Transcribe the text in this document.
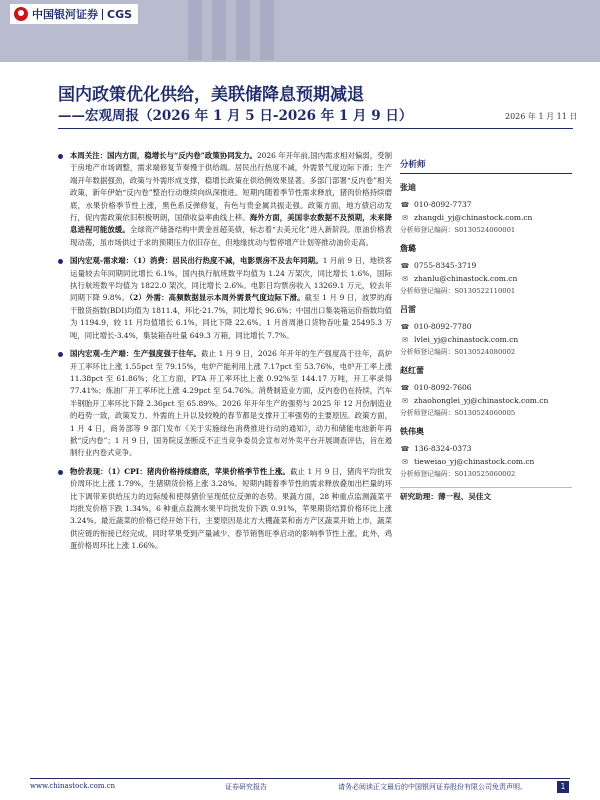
中国银河证券 CGS
国内政策优化供给，美联储降息预期减退
——宏观周报（2026 年 1 月 5 日-2026 年 1 月 9 日）	2026 年 1 月 11 日
本周关注：国内方面，稳增长与“反内卷”政策协同发力。2026 年开年前,国内需求相对偏弱，受制于房地产市场调整，需求端修复节奏慢于供给端。居民出行热度不减，外需景气度边际下滑；生产端开年数据强劲，政策与外需形成支撑，稳增长政策在供给侧效果显著。多部门部署“反内卷”相关政策，新年伊始“反内卷”整治行动继续向纵深推进。短期内随着季节性需求释放，猪肉价格持续磨底，水果价格季节性上涨，黑色系反弹修复，有色与贵金属共振走强。政策方面，地方债启动发行，促内需政策依旧积极明朗，国债收益率曲线上移。海外方面，美国非农数据不及预期，未来降息进程可能放缓。全球资产储备结构中黄金首超美债，标志着“去美元化”进入新阶段。原油价格表现动荡，虽市场供过于求的预期压力依旧存在，但地缘扰动与暂停增产计划等推动油价走高。
国内宏观-需求端：（1）消费：居民出行热度不减，电影票房不及去年同期。1 月前 9 日，地铁客运量较去年同期同比增长 6.1%，国内执行航班数平均值为 1.24 万架次，同比增长 1.6%，国际执行航班数平均值为 1822.0 架次，同比增长 2.6%。电影日均票房收入 13269.1 万元，较去年同期下降 9.8%。（2）外需：高频数据显示本周外需景气度边际下滑。截至 1 月 9 日，波罗的海干散货指数(BDI)均值为 1811.4，环比-21.7%，同比增长 96.6%；中国出口集装箱运价指数均值为 1194.9，较 11 月均值增长 6.1%，同比下降 22.6%。1 月首周港口货物吞吐量 25495.3 万吨，同比增长-3.4%，集装箱吞吐量 649.3 万箱，同比增长 7.7%。
国内宏观-生产端：生产强度强于往年。截止 1 月 9 日，2026 年开年的生产强度高于往年，高炉开工率环比上涨 1.55pct 至 79.15%，电炉产能利用上涨 7.17pct 至 53.76%，电炉开工率上涨 11.38pct 至 61.86%；化工方面，PTA 开工率环比上涨 0.92%至 144.17 万吨，开工率录得 77.41%；炼油厂开工率环比上涨 4.29pct 至 54.76%。消费制造业方面，反内卷仍在持续，汽车半钢胎开工率环比下降 2.36pct 至 65.89%。2026 年开年生产的强势与 2025 年 12 月份制造业的趋势一致，政策发力、外需的上升以及较晚的春节都是支撑开工率强势的主要原因。政策方面，1 月 4 日，商务部等 9 部门发布《关于实施绿色消费推进行动的通知》，动力和储能电池新年再掀“反内卷”；1 月 9 日，国务院反垄断反不正当竞争委员会宣布对外卖平台开展调查评估，旨在遏制行业内卷式竞争。
物价表现：（1）CPI：猪肉价格持续磨底，苹果价格季节性上涨。截止 1 月 9 日，猪肉平均批发价周环比上涨 1.79%，生猪期货价格上涨 3.28%。短期内随着季节性的需求释放叠加出栏量的环比下调带来供给压力的边际缓和使得猪价呈现低位反弹的态势。果蔬方面，28 种重点监测蔬菜平均批发价格下跌 1.34%，6 种重点监测水果平均批发价下跌 0.91%，苹果期货结算价格环比上涨 3.24%。最近蔬菜的价格已经开始下行，主要原因是北方大棚蔬菜和南方产区蔬菜开始上市，蔬菜供应链的衔接已经完成，同时苹果受到产量减少、春节销售旺季启动的影响季节性上涨。此外，鸡蛋价格周环比上涨 1.66%。
分析师
张迪
☎ 010-8092-7737
✉ zhangdi_yj@chinastock.com.cn
分析师登记编码：S0130524060001
詹璐
☎ 0755-8345-3719
✉ zhanlu@chinastock.com.cn
分析师登记编码：S0130522110001
吕雷
☎ 010-8092-7780
✉ lvlei_yj@chinastock.com.cn
分析师登记编码：S0130524080002
赵红蕾
☎ 010-8092-7606
✉ zhaohonglei_yj@chinastock.com.cn
分析师登记编码：S0130524060005
铁伟奥
☎ 136-8324-0373
✉ tieweiao_yj@chinastock.com.cn
分析师登记编码：S0130525060002
研究助理：薄一程、吴佳文
www.chinastock.com.cn	证券研究报告	请务必阅读正文最后的中国银河证券股份有限公司免责声明。	1
